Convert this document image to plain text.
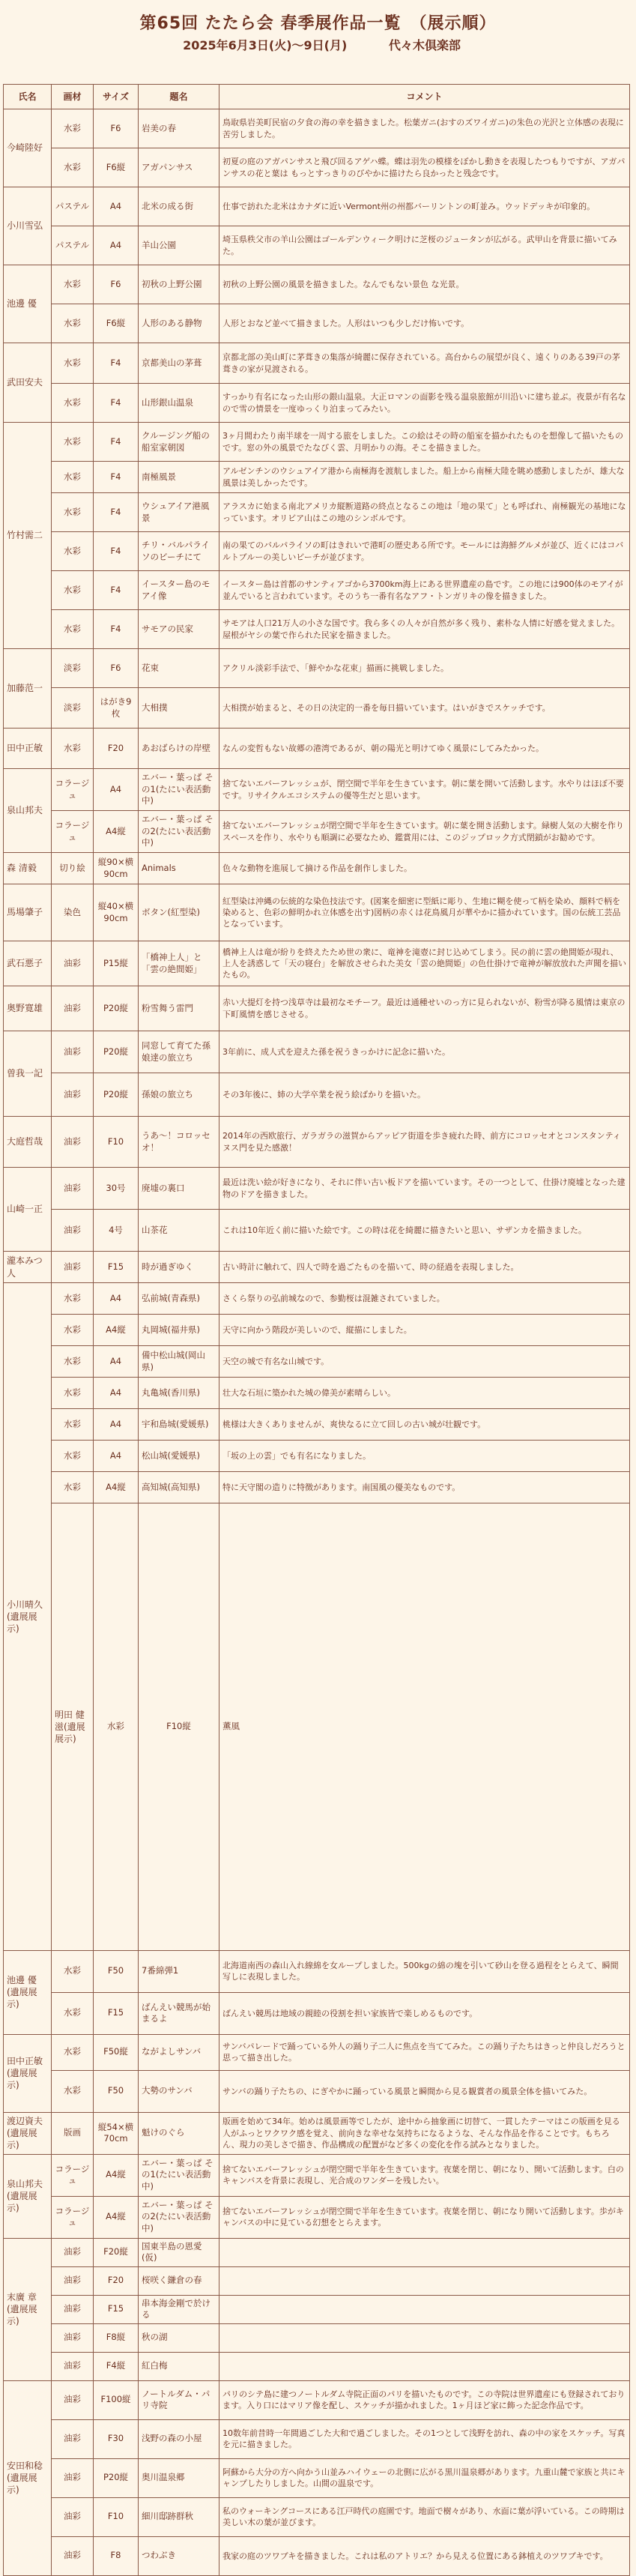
第65回 たたら会 春季展作品一覧　（展示順）
2025年6月3日(火)～9日(月)	代々木倶楽部
氏名	画材	サイズ	題名	コメント	
今崎陸好	水彩	F6	岩美の春	鳥取県岩美町民宿の夕食の海の幸を描きました。松葉ガニ(おすのズワイガニ)の朱色の光沢と立体感の表現に苦労しました。	
	水彩	F6縦	アガパンサス	初夏の庭のアガパンサスと飛び回るアゲハ蝶。蝶は羽先の模様をぼかし動きを表現したつもりですが、アガパンサスの花と葉は もっとすっきりのびやかに描けたら良かったと残念です。	
小川雪弘	パステル	A4	北米の成る街	仕事で訪れた北米はカナダに近いVermont州の州都バーリントンの町並み。ウッドデッキが印象的。	
	パステル	A4	羊山公園	埼玉県秩父市の羊山公園はゴールデンウィーク明けに芝桜のジュータンが広がる。武甲山を背景に描いてみた。	
池邊 優	水彩	F6	初秋の上野公園	初秋の上野公園の風景を描きました。なんでもない景色 な光景。	
	水彩	F6縦	人形のある静物	人形とおなど並べて描きました。人形はいつも少しだけ怖いです。	
武田安夫	水彩	F4	京都美山の茅葺	京都北部の美山町に茅葺きの集落が綺麗に保存されている。高台からの展望が良く、遠くりのある39戸の茅葺きの家が見渡される。	
	水彩	F4	山形銀山温泉	すっかり有名になった山形の銀山温泉。大正ロマンの面影を残る温泉旅館が川沿いに建ち並ぶ。夜景が有名なので雪の情景を一度ゆっくり泊まってみたい。	
竹村需二	水彩	F4	クルージング船の船室家朝図	3ヶ月間わたり南半球を一周する旅をしました。この絵はその時の船室を描かれたものを想像して描いたものです。窓の外の風景でたなびく雲、月明かりの海。そこを描きました。	
	水彩	F4	南極風景	アルゼンチンのウシュアイア港から南極海を渡航しました。船上から南極大陸を眺め感動しましたが、雄大な風景は美しかったです。	
	水彩	F4	ウシュアイア港風景	アラスカに始まる南北アメリカ縦断道路の終点となるこの地は「地の果て」とも呼ばれ、南極観光の基地になっています。オリビア山はこの地のシンボルです。	
	水彩	F4	チリ・バルパライソのビーチにて	南の果てのバルパライソの町はきれいで港町の歴史ある所です。モールには海鮮グルメが並び、近くにはコバルトブルーの美しいビーチが並びます。	
	水彩	F4	イースター島のモアイ像	イースター島は首都のサンティアゴから3700km海上にある世界遺産の島です。この地には900体のモアイが並んでいると言われています。そのうち一番有名なアフ・トンガリキの像を描きました。	
	水彩	F4	サモアの民家	サモアは人口21万人の小さな国です。我ら多くの人々が自然が多く残り、素朴な人情に好感を覚えました。屋根がヤシの葉で作られた民家を描きました。	
加藤范一	淡彩	F6	花束	アクリル淡彩手法で、「鮮やかな花束」描画に挑戦しました。	
	淡彩	はがき9枚	大相撲	大相撲が始まると、その日の決定的一番を毎日描いています。はいがきでスケッチです。	
田中正敏	水彩	F20	あおばらけの岸壁	なんの変哲もない故郷の港湾であるが、朝の陽光と明けてゆく風景にしてみたかった。	
泉山邦夫	コラージュ	A4	エバー・葉っぱ その1(たにい表活動中)	捨てないエバーフレッシュが、閉空間で半年を生きています。朝に葉を開いて活動します。水やりはほぼ不要です。リサイクルエコシステムの優等生だと思います。	
	コラージュ	A4縦	エバー・葉っぱ その2(たにい表活動中)	捨てないエバーフレッシュが閉空間で半年を生きています。朝に葉を開き活動します。緑樹人気の大樹を作りスペースを作り、水やりも順調に必要なため、鑑賞用には、このジップロック方式閉鎖がお勧めです。	
森 清毅	切り絵	縦90×横90cm	Animals	色々な動物を進展して摘ける作品を創作しました。	
馬場肇子	染色	縦40×横90cm	ボタン(紅型染)	紅型染は沖縄の伝統的な染色技法です。(図案を細密に型紙に彫り、生地に糊を使って柄を染め、顔料で柄を染めると、色彩の鮮明かれ立体感を出す)図柄の赤くは花鳥風月が華やかに描かれています。国の伝統工芸品となっています。	
武石悪子	油彩	P15縦	「橋神上人」と「雲の絶間姫」	橋神上人は竜が紛りを終えたため世の衆に、竜神を滝壺に封じ込めてしまう。民の前に雲の絶間姫が現れ、上人を誘惑して「天の寝台」を解放させられた美女「雲の絶間姫」の色仕掛けで竜神が解放放れた声聞を描いたもの。	
奥野寛雄	油彩	P20縦	粉雪舞う雷門	赤い大提灯を持つ浅草寺は最初なモチーフ。最近は通種せいのっ方に見られないが、粉雪が降る風情は東京の下町風情を感じさせる。	
曽我一記	油彩	P20縦	同窓して育てた孫娘達の旅立ち	3年前に、成人式を迎えた孫を祝うきっかけに記念に描いた。	
	油彩	P20縦	孫娘の旅立ち	その3年後に、姉の大学卒業を祝う絵ばかりを描いた。	
大庭哲哉	油彩	F10	うあ～！コロッセオ！	2014年の西欧旅行、ガラガラの滋賀からアッピア街道を歩き疲れた時、前方にコロッセオとコンスタンティヌス門を見た感激！	
山崎一正	油彩	30号	廃墟の裏口	最近は洗い絵が好きになり、それに伴い古い板ドアを描いています。その一つとして、仕掛け廃墟となった建物のドアを描きました。	
	油彩	4号	山茶花	これは10年近く前に描いた絵です。この時は花を綺麗に描きたいと思い、サザンカを描きました。	
瀧本みつ人	油彩	F15	時が過ぎゆく	古い時計に触れて、四人で時を過ごたものを描いて、時の経過を表現しました。	
小川晴久(遺展展示)	水彩	A4	弘前城(青森県)	さくら祭りの弘前城なので、参勤桜は混雑されていました。	
	水彩	A4縦	丸岡城(福井県)	天守に向かう階段が美しいので、縦描にしました。	
	水彩	A4	備中松山城(岡山県)	天空の城で有名な山城です。	
	水彩	A4	丸亀城(香川県)	壮大な石垣に築かれた城の偉美が素晴らしい。	
	水彩	A4	宇和島城(愛媛県)	桃様は大きくありませんが、爽快なるに立て回しの古い城が壮観です。	
	水彩	A4	松山城(愛媛県)	「坂の上の雲」でも有名になりました。	
	水彩	A4縦	高知城(高知県)	特に天守閣の造りに特徴があります。南国風の優美なものです。	
	明田 健滋(遺展展示)	水彩	F10縦	薫風	
池邊 優(遺展展示)	水彩	F50	7番綿弾1	北海道南西の森山入れ線綿を女ループしました。500kgの綿の塊を引いて砂山を登る過程をとらえて、瞬間写しに表現しました。	
	水彩	F15	ばんえい競馬が始まるよ	ばんえい競馬は地域の親睦の役割を担い家族皆で楽しめるものです。	
田中正敏(遺展展示)	水彩	F50縦	ながよしサンバ	サンバパレードで踊っている外人の踊り子二人に焦点を当ててみた。この踊り子たちはきっと仲良しだろうと思って描き出した。	
	水彩	F50	大勢のサンバ	サンバの踊り子たちの、にぎやかに踊っている風景と瞬間から見る観賞者の風景全体を描いてみた。	
渡辺資夫(遺展展示)	版画	縦54×横70cm	魁けのぐら	版画を始めて34年。始めは風景画等でしたが、途中から抽象画に切替て、一貫したテーマはこの版画を見る人がふっとワクワク感を覚え、前向きな幸せな気持ちになるような、そんな作品を作ることです。もちろん、現力の美しさで描き、作品構成の配置がなど多くの変化を作る試みとなりました。	
泉山邦夫(遺展展示)	コラージュ	A4縦	エバー・葉っぱ その1(たにい表活動中)	捨てないエバーフレッシュが閉空間で半年を生きています。夜葉を閉じ、朝になり、開いて活動します。白のキャンバスを背景に表現し、光合成のワンダーを残したい。	
	コラージュ	A4縦	エバー・葉っぱ その2(たにい表活動中)	捨てないエバーフレッシュが閉空間で半年を生きています。夜葉を閉じ、朝になり開いて活動します。歩がキャンバスの中に見ている幻想をとらえます。	
末廣 章(遺展展示)	油彩	F20縦	国東半島の恩愛(仮)		
	油彩	F20	桜咲く鎌倉の春		
	油彩	F15	串本海金剛で於ける		
	油彩	F8縦	秋の湖		
	油彩	F4縦	紅白梅		
安田和稔(遺展展示)	油彩	F100縦	ノートルダム・パリ寺院	パリのシテ島に建つノートルダム寺院正面のパリを描いたものです。この寺院は世界遺産にも登録されております。入り口にはマリア像を配し、スケッチが描かれました。1ヶ月ほど家に飾った記念作品です。	
	油彩	F30	浅野の森の小屋	10数年前昔時一年間過ごした大和で過ごしました。その1つとして浅野を訪れ、森の中の家をスケッチ。写真を元に描きました。	
	油彩	P20縦	奥川温泉郷	阿蘇から大分の方へ向かう山並みハイウェーの北側に広がる黒川温泉郷があります。九重山麓で家族と共にキャンプしたりしました。山間の温泉です。	
	油彩	F10	細川邸跡群秋	私のウォーキングコースにある江戸時代の庭園です。地面で樹々があり、水面に葉が浮いている。この時期は美しい木の葉が並びます。	
	油彩	F8	つわぶき	我家の庭のツワブキを描きました。これは私のアトリエ？から見える位置にある鉢植えのツワブキです。	
